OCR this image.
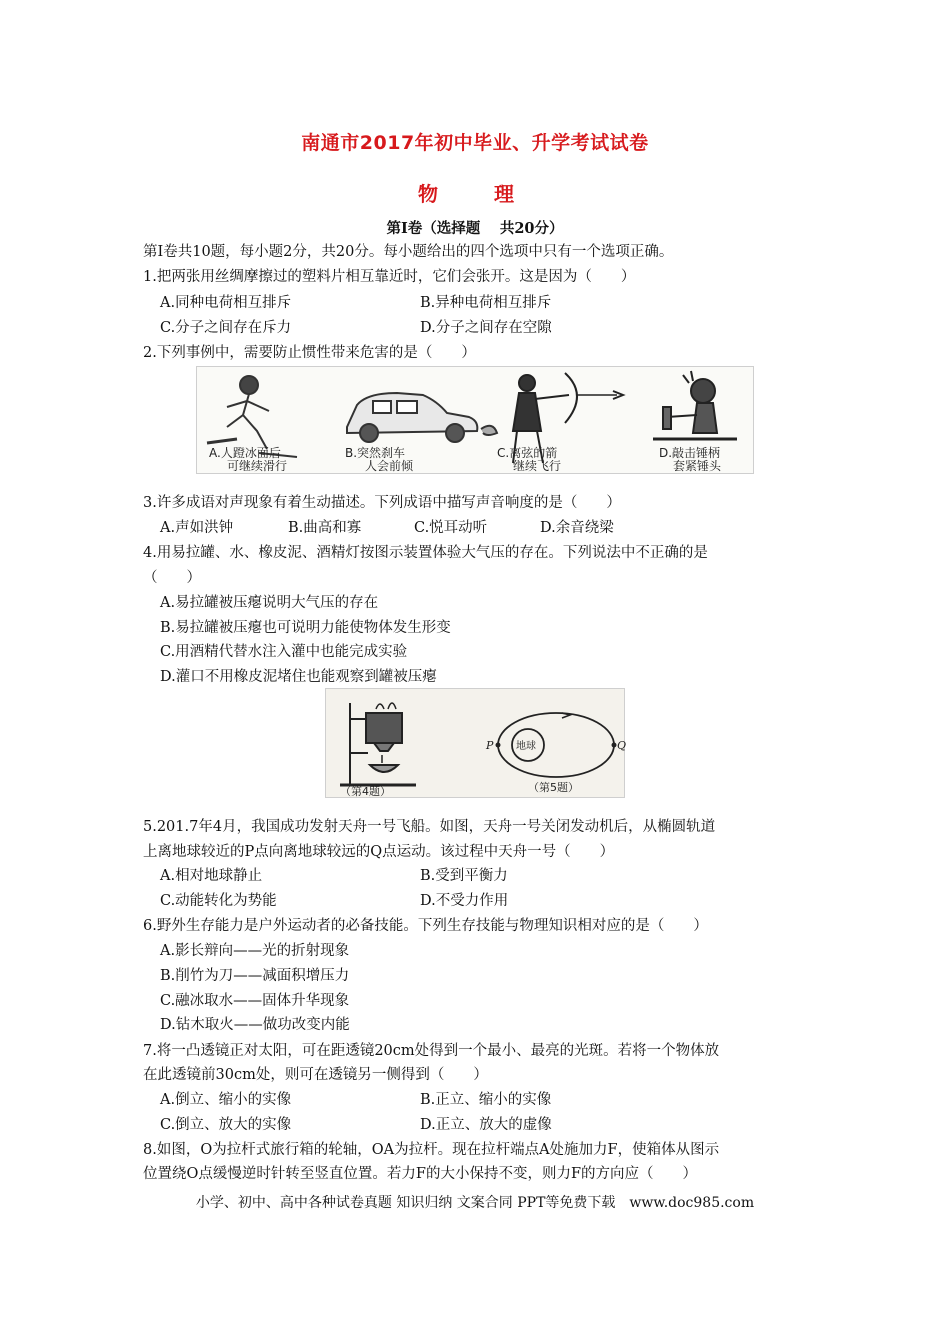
南通市2017年初中毕业、升学考试试卷
物　理
第Ⅰ卷（选择题　 共20分）
第Ⅰ卷共10题，每小题2分，共20分。每小题给出的四个选项中只有一个选项正确。
1.把两张用丝绸摩擦过的塑料片相互靠近时，它们会张开。这是因为（　　）
A.同种电荷相互排斥	B.异种电荷相互排斥
C.分子之间存在斥力	D.分子之间存在空隙
2.下列事例中，需要防止惯性带来危害的是（　　）
A.人蹬冰面后
可继续滑行
B.突然刹车
人会前倾
C.离弦的箭
继续飞行
D.敲击锤柄
套紧锤头
3.许多成语对声现象有着生动描述。下列成语中描写声音响度的是（　　）
A.声如洪钟	B.曲高和寡	C.悦耳动听	D.余音绕梁
4.用易拉罐、水、橡皮泥、酒精灯按图示装置体验大气压的存在。下列说法中不正确的是
（　　）
A.易拉罐被压瘪说明大气压的存在
B.易拉罐被压瘪也可说明力能使物体发生形变
C.用酒精代替水注入灌中也能完成实验
D.灌口不用橡皮泥堵住也能观察到罐被压瘪
（第4题）
P	Q
地球
（第5题）
5.201.7年4月，我国成功发射天舟一号飞船。如图，天舟一号关闭发动机后，从椭圆轨道
上离地球较近的P点向离地球较远的Q点运动。该过程中天舟一号（　　）
A.相对地球静止	B.受到平衡力
C.动能转化为势能	D.不受力作用
6.野外生存能力是户外运动者的必备技能。下列生存技能与物理知识相对应的是（　　）
A.影长辩向——光的折射现象
B.削竹为刀——减面积增压力
C.融冰取水——固体升华现象
D.钻木取火——做功改变内能
7.将一凸透镜正对太阳，可在距透镜20cm处得到一个最小、最亮的光斑。若将一个物体放
在此透镜前30cm处，则可在透镜另一侧得到（　　）
A.倒立、缩小的实像	B.正立、缩小的实像
C.倒立、放大的实像	D.正立、放大的虚像
8.如图，O为拉杆式旅行箱的轮轴，OA为拉杆。现在拉杆端点A处施加力F，使箱体从图示
位置绕O点缓慢逆时针转至竖直位置。若力F的大小保持不变，则力F的方向应（　　）
小学、初中、高中各种试卷真题 知识归纳 文案合同 PPT等免费下载　www.doc985.com
